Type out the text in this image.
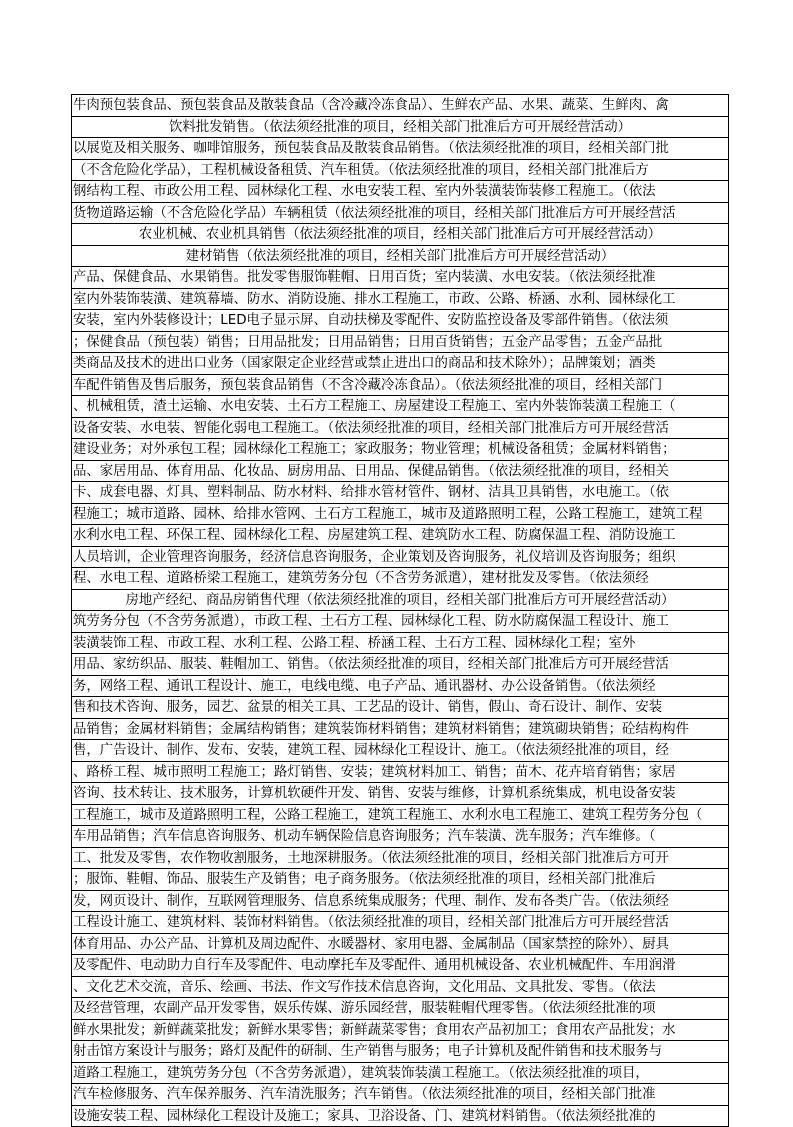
牛肉预包装食品、预包装食品及散装食品（含冷藏冷冻食品）、生鲜农产品、水果、蔬菜、生鲜肉、禽
饮料批发销售。（依法须经批准的项目，经相关部门批准后方可开展经营活动）
以展览及相关服务、咖啡馆服务，预包装食品及散装食品销售。（依法须经批准的项目，经相关部门批
（不含危险化学品），工程机械设备租赁、汽车租赁。（依法须经批准的项目，经相关部门批准后方
钢结构工程、市政公用工程、园林绿化工程、水电安装工程、室内外装潢装饰装修工程施工。（依法
货物道路运输（不含危险化学品）车辆租赁（依法须经批准的项目，经相关部门批准后方可开展经营活
农业机械、农业机具销售（依法须经批准的项目，经相关部门批准后方可开展经营活动）
建材销售（依法须经批准的项目，经相关部门批准后方可开展经营活动）
产品、保健食品、水果销售。批发零售服饰鞋帽、日用百货；室内装潢、水电安装。（依法须经批准
室内外装饰装潢、建筑幕墙、防水、消防设施、排水工程施工，市政、公路、桥涵、水利、园林绿化工
安装，室内外装修设计；LED电子显示屏、自动扶梯及零配件、安防监控设备及零部件销售。（依法须
；保健食品（预包装）销售；日用品批发；日用品销售；日用百货销售；五金产品零售；五金产品批
类商品及技术的进出口业务（国家限定企业经营或禁止进出口的商品和技术除外）；品牌策划；酒类
车配件销售及售后服务，预包装食品销售（不含冷藏冷冻食品）。（依法须经批准的项目，经相关部门
、机械租赁，渣土运输、水电安装、土石方工程施工、房屋建设工程施工、室内外装饰装潢工程施工（
设备安装、水电装、智能化弱电工程施工。（依法须经批准的项目，经相关部门批准后方可开展经营活
建设业务；对外承包工程；园林绿化工程施工；家政服务；物业管理；机械设备租赁；金属材料销售；
品、家居用品、体育用品、化妆品、厨房用品、日用品、保健品销售。（依法须经批准的项目，经相关
卡、成套电器、灯具、塑料制品、防水材料、给排水管材管件、钢材、洁具卫具销售，水电施工。（依
程施工；城市道路、园林、给排水管网、土石方工程施工，城市及道路照明工程，公路工程施工，建筑工程
水利水电工程、环保工程、园林绿化工程、房屋建筑工程、建筑防水工程、防腐保温工程、消防设施工
人员培训，企业管理咨询服务，经济信息咨询服务，企业策划及咨询服务，礼仪培训及咨询服务；组织
程、水电工程、道路桥梁工程施工，建筑劳务分包（不含劳务派遣），建材批发及零售。（依法须经
房地产经纪、商品房销售代理（依法须经批准的项目，经相关部门批准后方可开展经营活动）
筑劳务分包（不含劳务派遣），市政工程、土石方工程、园林绿化工程、防水防腐保温工程设计、施工
装潢装饰工程、市政工程、水利工程、公路工程、桥涵工程、土石方工程、园林绿化工程；室外
用品、家纺织品、服装、鞋帽加工、销售。（依法须经批准的项目，经相关部门批准后方可开展经营活
务，网络工程、通讯工程设计、施工，电线电缆、电子产品、通讯器材、办公设备销售。（依法须经
售和技术咨询、服务，园艺、盆景的相关工具、工艺品的设计、销售，假山、奇石设计、制作、安装
品销售；金属材料销售；金属结构销售；建筑装饰材料销售；建筑材料销售；建筑砌块销售；砼结构构件
售，广告设计、制作、发布、安装，建筑工程、园林绿化工程设计、施工。（依法须经批准的项目，经
、路桥工程、城市照明工程施工；路灯销售、安装；建筑材料加工、销售；苗木、花卉培育销售；家居
咨询、技术转让、技术服务，计算机软硬件开发、销售、安装与维修，计算机系统集成，机电设备安装
工程施工，城市及道路照明工程，公路工程施工，建筑工程施工、水利水电工程施工、建筑工程劳务分包（
车用品销售；汽车信息咨询服务、机动车辆保险信息咨询服务；汽车装潢、洗车服务；汽车维修。（
工、批发及零售，农作物收割服务，土地深耕服务。（依法须经批准的项目，经相关部门批准后方可开
；服饰、鞋帽、饰品、服装生产及销售；电子商务服务。（依法须经批准的项目，经相关部门批准后
发，网页设计、制作，互联网管理服务、信息系统集成服务；代理、制作、发布各类广告。（依法须经
工程设计施工、建筑材料、装饰材料销售。（依法须经批准的项目，经相关部门批准后方可开展经营活
体育用品、办公产品、计算机及周边配件、水暖器材、家用电器、金属制品（国家禁控的除外）、厨具
及零配件、电动助力自行车及零配件、电动摩托车及零配件、通用机械设备、农业机械配件、车用润滑
、文化艺术交流，音乐、绘画、书法、作文写作技术信息咨询，文化用品、文具批发、零售。（依法
及经营管理，农副产品开发零售，娱乐传媒、游乐园经营，服装鞋帽代理零售。（依法须经批准的项
鲜水果批发；新鲜蔬菜批发；新鲜水果零售；新鲜蔬菜零售；食用农产品初加工；食用农产品批发；水
射击馆方案设计与服务；路灯及配件的研制、生产销售与服务；电子计算机及配件销售和技术服务与
道路工程施工，建筑劳务分包（不含劳务派遣），建筑装饰装潢工程施工。（依法须经批准的项目，
汽车检修服务、汽车保养服务、汽车清洗服务；汽车销售。（依法须经批准的项目，经相关部门批准
设施安装工程、园林绿化工程设计及施工；家具、卫浴设备、门、建筑材料销售。（依法须经批准的
